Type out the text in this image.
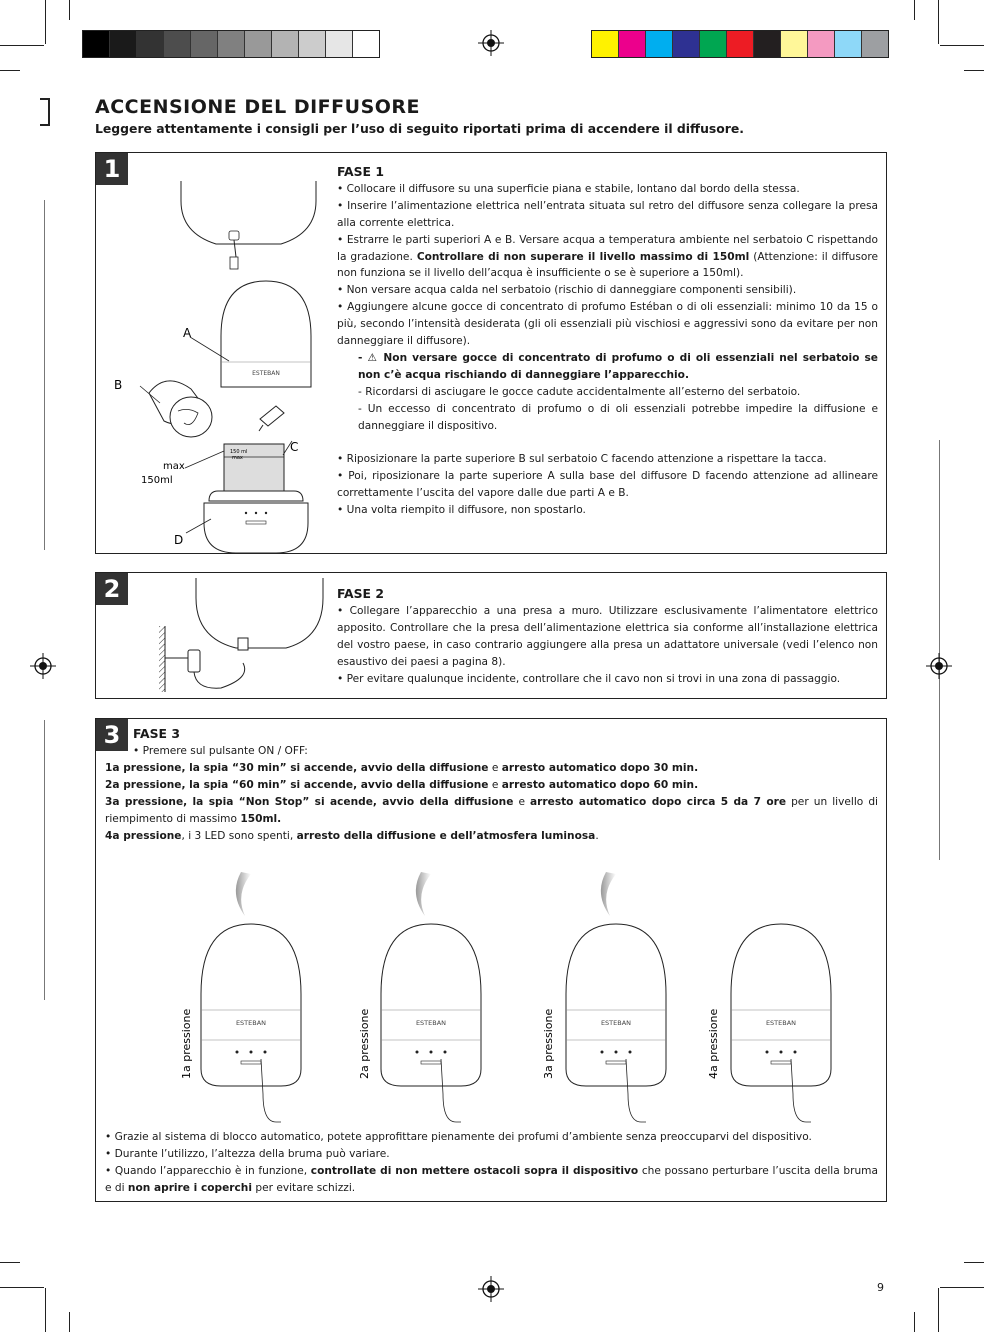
ACCENSIONE DEL DIFFUSORE
Leggere attentamente i consigli per l’uso di seguito riportati prima di accendere il diffusore.
1
ESTEBAN
A
B
150 ml
max
C
max
150ml
D

FASE 1

• Collocare il diffusore su una superficie piana e stabile, lontano dal bordo della stessa.

• Inserire l’alimentazione elettrica nell’entrata situata sul retro del diffusore senza collegare la presa alla corrente elettrica.

• Estrarre le parti superiori A e B. Versare acqua a temperatura ambiente nel serbatoio C rispettando la gradazione. Controllare di non superare il livello massimo di 150ml (Attenzione: il diffusore non funziona se il livello dell’acqua è insufficiente o se è superiore a 150ml).

• Non versare acqua calda nel serbatoio (rischio di danneggiare componenti sensibili).

• Aggiungere alcune gocce di concentrato di profumo Estéban o di oli essenziali: minimo 10 da 15 o più, secondo l’intensità desiderata (gli oli essenziali più vischiosi e aggressivi sono da evitare per non danneggiare il diffusore).

- ⚠ Non versare gocce di concentrato di profumo o di oli essenziali nel serbatoio se non c’è acqua rischiando di danneggiare l’apparecchio.

- Ricordarsi di asciugare le gocce cadute accidentalmente all’esterno del serbatoio.

- Un eccesso di concentrato di profumo o di oli essenziali potrebbe impedire la diffusione e danneggiare il dispositivo.

• Riposizionare la parte superiore B sul serbatoio C facendo attenzione a rispettare la tacca.

• Poi, riposizionare la parte superiore A sulla base del diffusore D facendo attenzione ad allineare correttamente l’uscita del vapore dalle due parti A e B.

• Una volta riempito il diffusore, non spostarlo.

2	FASE 2

• Collegare l’apparecchio a una presa a muro. Utilizzare esclusivamente l’alimentatore elettrico apposito. Controllare che la presa dell’alimentazione elettrica sia conforme all’installazione elettrica del vostro paese, in caso contrario aggiungere alla presa un adattatore universale (vedi l’elenco non esaustivo dei paesi a pagina 8).

• Per evitare qualunque incidente, controllare che il cavo non si trovi in una zona di passaggio.

3	FASE 3

• Premere sul pulsante ON / OFF:

1a pressione, la spia “30 min” si accende, avvio della diffusione e arresto automatico dopo 30 min.

2a pressione, la spia “60 min” si accende, avvio della diffusione e arresto automatico dopo 60 min.

3a pressione, la spia “Non Stop” si acende, avvio della diffusione e arresto automatico dopo circa 5 da 7 ore per un livello di riempimento di massimo 150ml.

4a pressione, i 3 LED sono spenti, arresto della diffusione e dell’atmosfera luminosa.

ESTEBAN	ESTEBAN	ESTEBAN	ESTEBAN
1a pressione	2a pressione	3a pressione	4a pressione

• Grazie al sistema di blocco automatico, potete approfittare pienamente dei profumi d’ambiente senza preoccuparvi del dispositivo.

• Durante l’utilizzo, l’altezza della bruma può variare.

• Quando l’apparecchio è in funzione, controllate di non mettere ostacoli sopra il dispositivo che possano perturbare l’uscita della bruma e di non aprire i coperchi per evitare schizzi.

9
